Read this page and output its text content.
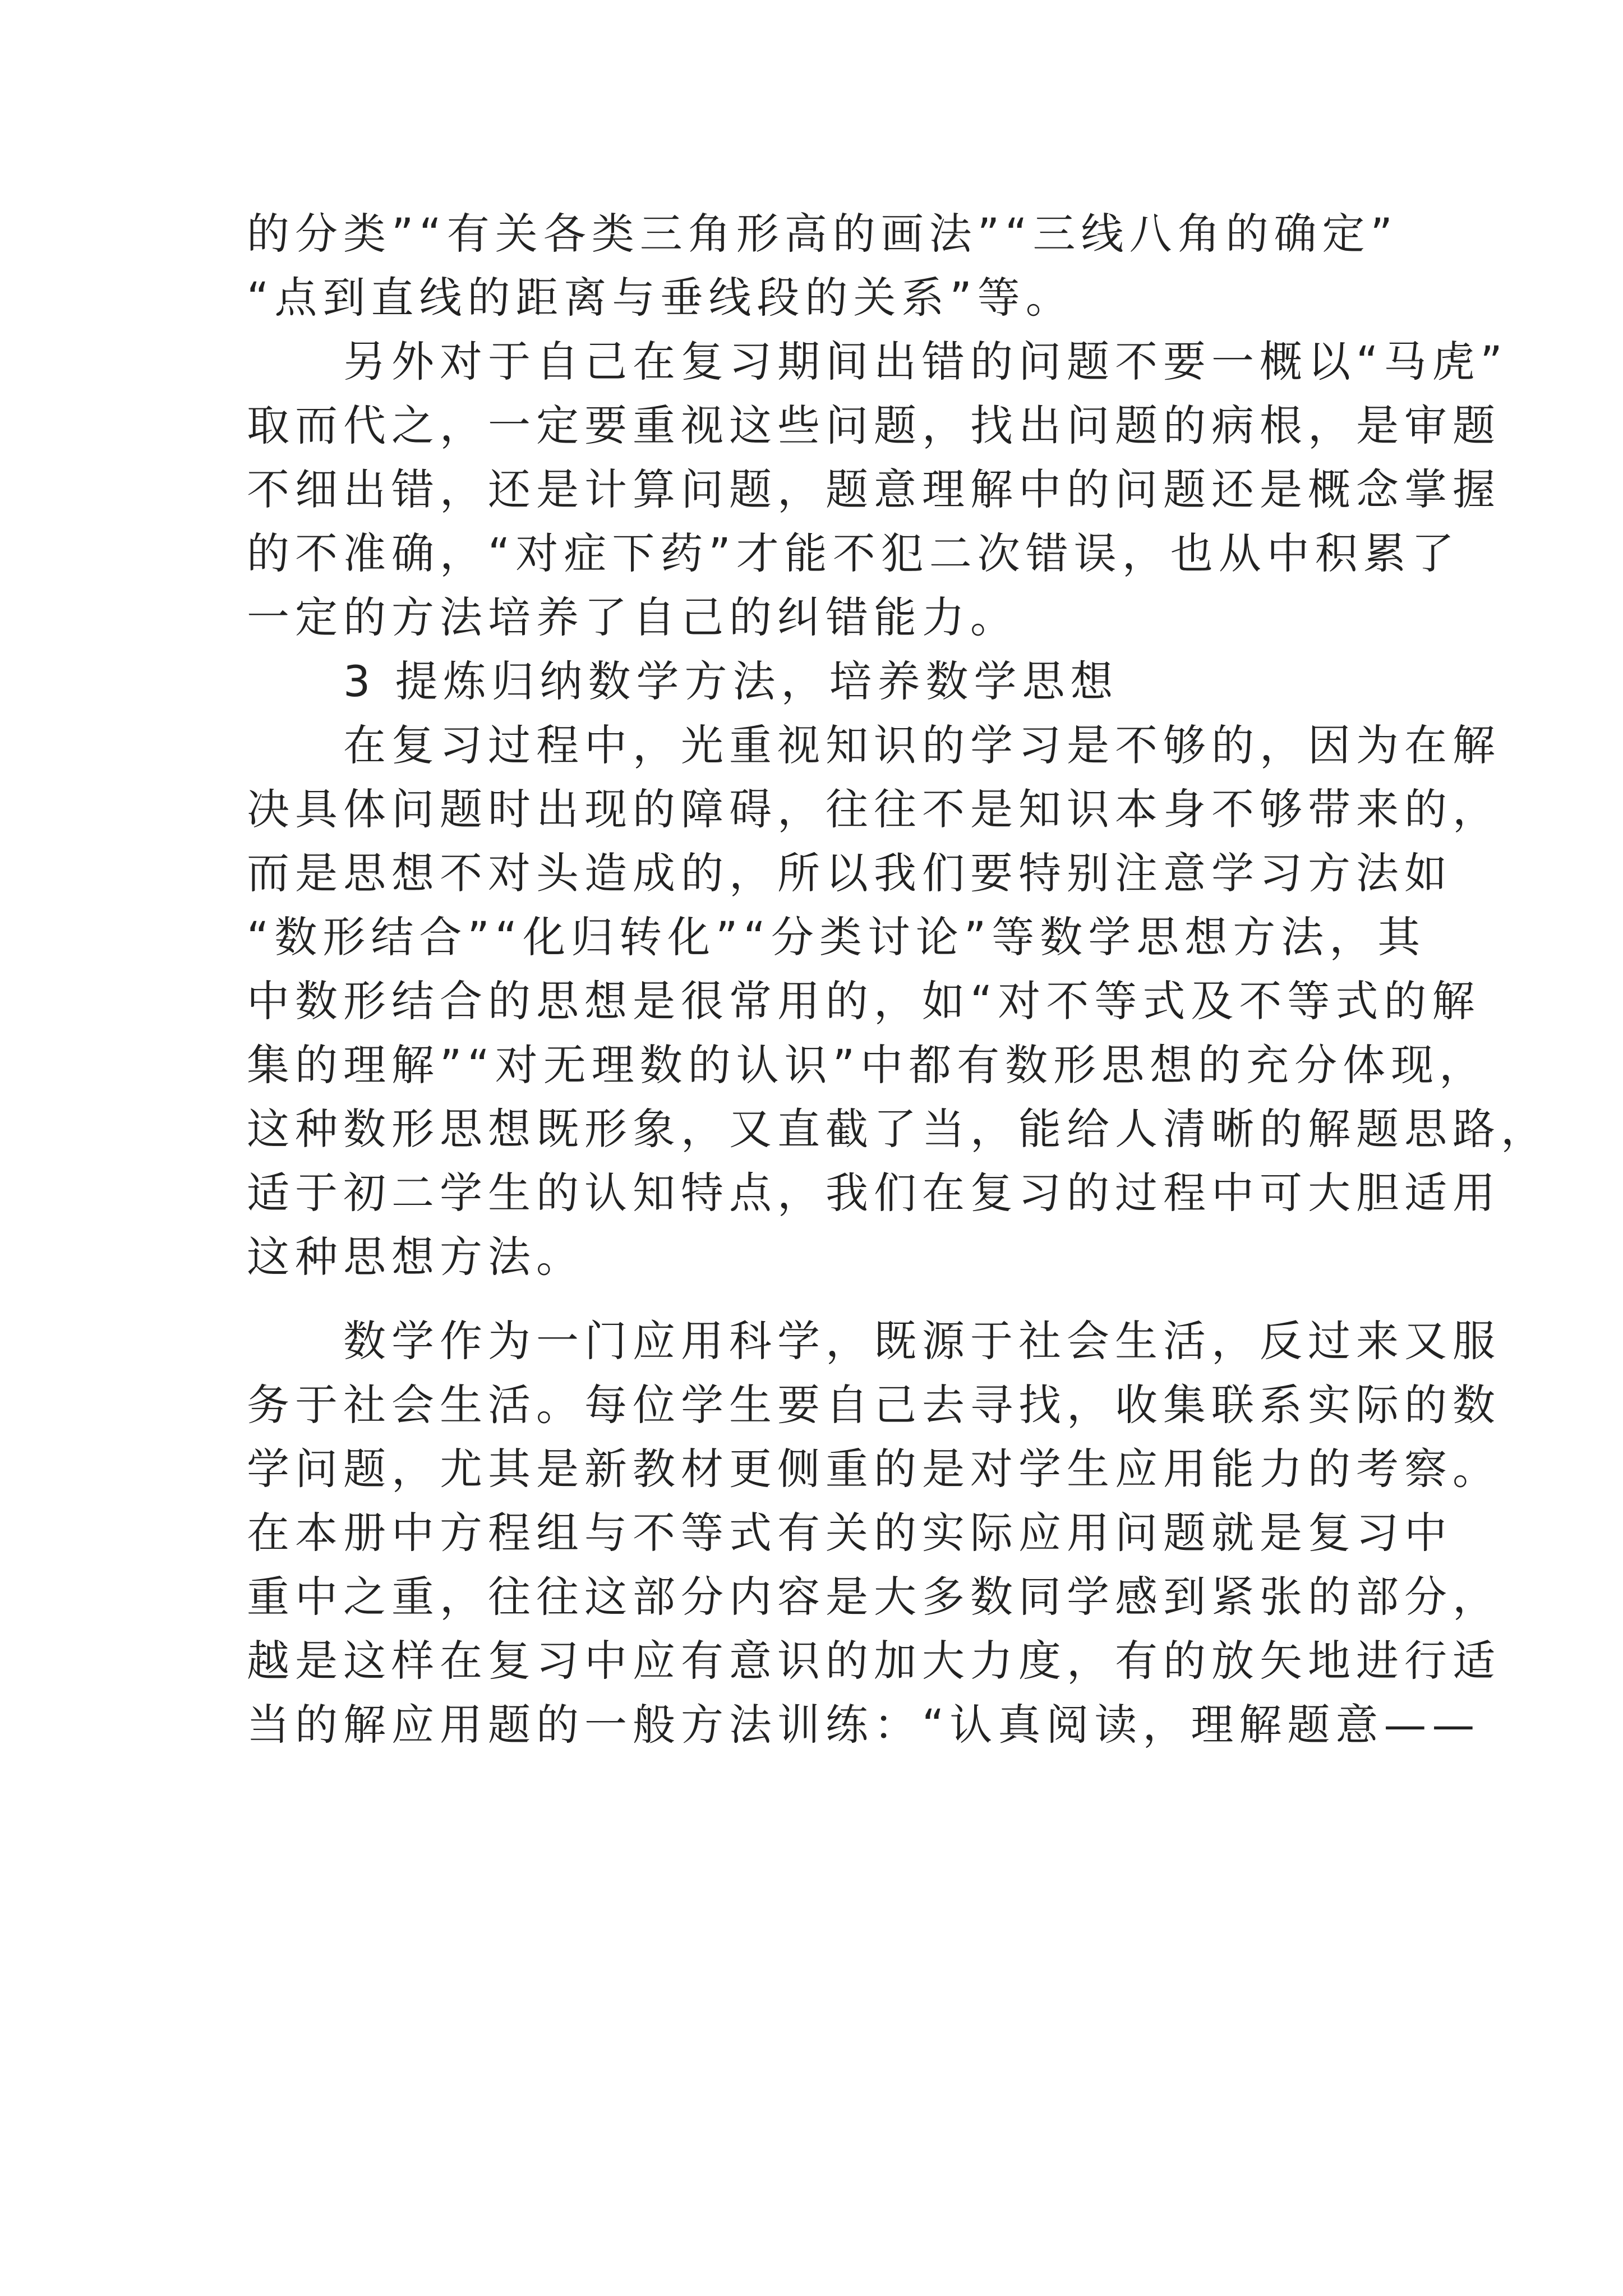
的分类”“有关各类三角形高的画法”“三线八角的确定”
“点到直线的距离与垂线段的关系”等。
　　另外对于自己在复习期间出错的问题不要一概以“马虎”
取而代之，一定要重视这些问题，找出问题的病根，是审题
不细出错，还是计算问题，题意理解中的问题还是概念掌握
的不准确，“对症下药”才能不犯二次错误，也从中积累了
一定的方法培养了自己的纠错能力。
　　3 提炼归纳数学方法，培养数学思想
　　在复习过程中，光重视知识的学习是不够的，因为在解
决具体问题时出现的障碍，往往不是知识本身不够带来的，
而是思想不对头造成的，所以我们要特别注意学习方法如
“数形结合”“化归转化”“分类讨论”等数学思想方法，其
中数形结合的思想是很常用的，如“对不等式及不等式的解
集的理解”“对无理数的认识”中都有数形思想的充分体现，
这种数形思想既形象，又直截了当，能给人清晰的解题思路，
适于初二学生的认知特点，我们在复习的过程中可大胆适用
这种思想方法。
　　数学作为一门应用科学，既源于社会生活，反过来又服
务于社会生活。每位学生要自己去寻找，收集联系实际的数
学问题，尤其是新教材更侧重的是对学生应用能力的考察。
在本册中方程组与不等式有关的实际应用问题就是复习中
重中之重，往往这部分内容是大多数同学感到紧张的部分，
越是这样在复习中应有意识的加大力度，有的放矢地进行适
当的解应用题的一般方法训练：“认真阅读，理解题意——
